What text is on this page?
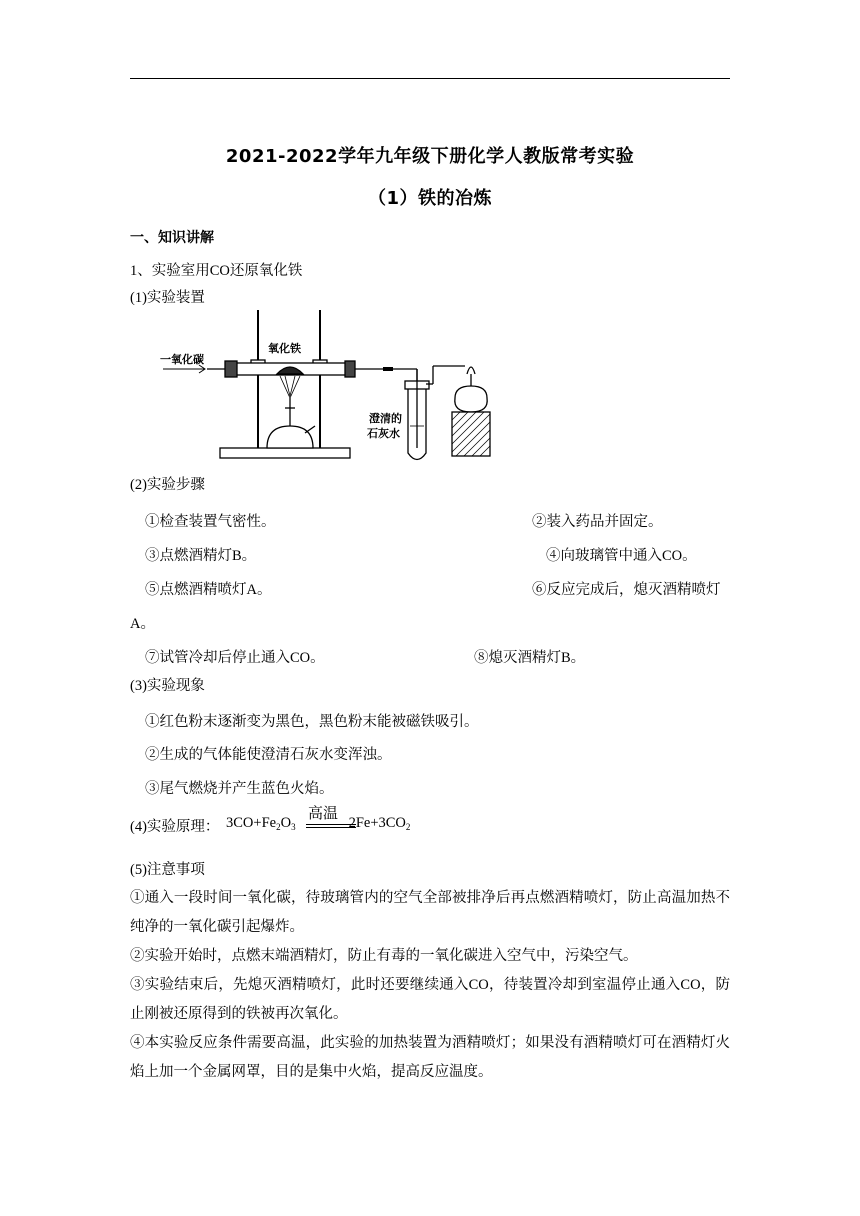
2021-2022学年九年级下册化学人教版常考实验
（1）铁的冶炼
一、知识讲解
1、实验室用CO还原氧化铁
(1)实验装置
一氧化碳
氧化铁
澄清的
石灰水
(2)实验步骤
①检查装置气密性。	②装入药品并固定。
③点燃酒精灯B。	④向玻璃管中通入CO。
⑤点燃酒精喷灯A。	⑥反应完成后，熄灭酒精喷灯
A。
⑦试管冷却后停止通入CO。	⑧熄灭酒精灯B。
(3)实验现象
①红色粉末逐渐变为黑色，黑色粉末能被磁铁吸引。
②生成的气体能使澄清石灰水变浑浊。
③尾气燃烧并产生蓝色火焰。
(4)实验原理： $3CO+Fe_2O_3$	$2Fe+3CO_2$
高温
(5)注意事项
①通入一段时间一氧化碳，待玻璃管内的空气全部被排净后再点燃酒精喷灯，防止高温加热不纯净的一氧化碳引起爆炸。
②实验开始时，点燃末端酒精灯，防止有毒的一氧化碳进入空气中，污染空气。
③实验结束后，先熄灭酒精喷灯，此时还要继续通入CO，待装置冷却到室温停止通入CO，防止刚被还原得到的铁被再次氧化。
④本实验反应条件需要高温，此实验的加热装置为酒精喷灯；如果没有酒精喷灯可在酒精灯火焰上加一个金属网罩，目的是集中火焰，提高反应温度。
